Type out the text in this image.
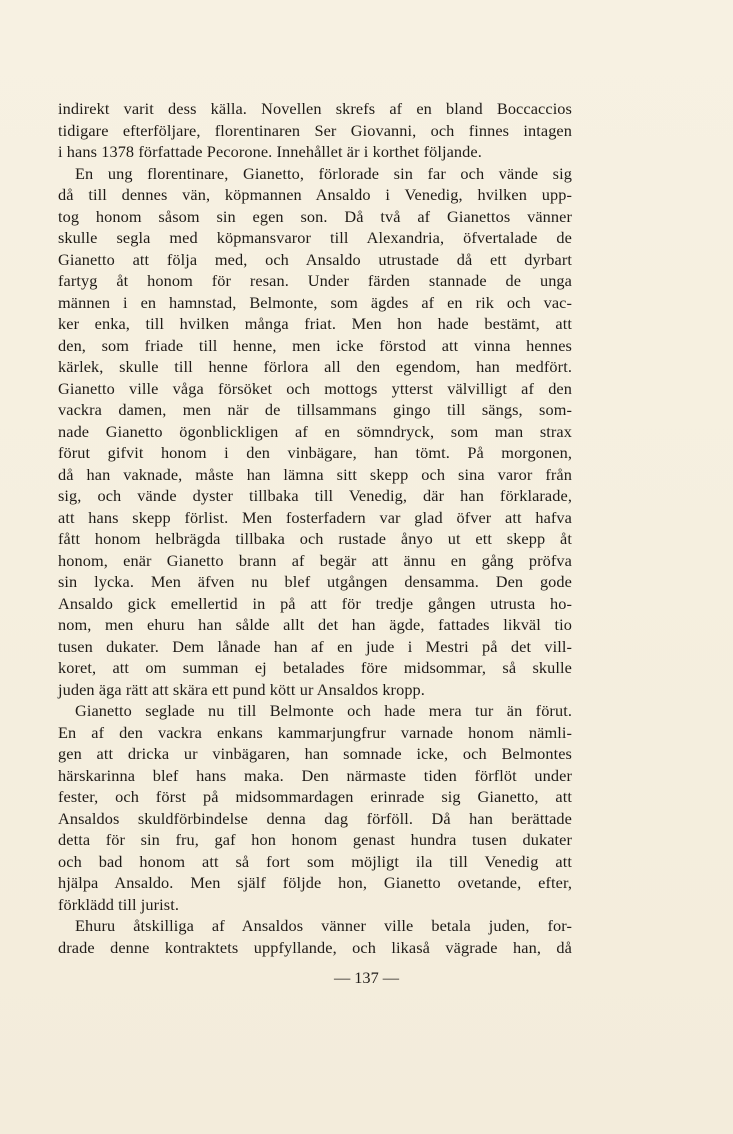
indirekt varit dess källa. Novellen skrefs af en bland Boccaccios
tidigare efterföljare, florentinaren Ser Giovanni, och finnes intagen
i hans 1378 författade Pecorone. Innehållet är i korthet följande.
En ung florentinare, Gianetto, förlorade sin far och vände sig
då till dennes vän, köpmannen Ansaldo i Venedig, hvilken upp-
tog honom såsom sin egen son. Då två af Gianettos vänner
skulle segla med köpmansvaror till Alexandria, öfvertalade de
Gianetto att följa med, och Ansaldo utrustade då ett dyrbart
fartyg åt honom för resan. Under färden stannade de unga
männen i en hamnstad, Belmonte, som ägdes af en rik och vac-
ker enka, till hvilken många friat. Men hon hade bestämt, att
den, som friade till henne, men icke förstod att vinna hennes
kärlek, skulle till henne förlora all den egendom, han medfört.
Gianetto ville våga försöket och mottogs ytterst välvilligt af den
vackra damen, men när de tillsammans gingo till sängs, som-
nade Gianetto ögonblickligen af en sömndryck, som man strax
förut gifvit honom i den vinbägare, han tömt. På morgonen,
då han vaknade, måste han lämna sitt skepp och sina varor från
sig, och vände dyster tillbaka till Venedig, där han förklarade,
att hans skepp förlist. Men fosterfadern var glad öfver att hafva
fått honom helbrägda tillbaka och rustade ånyo ut ett skepp åt
honom, enär Gianetto brann af begär att ännu en gång pröfva
sin lycka. Men äfven nu blef utgången densamma. Den gode
Ansaldo gick emellertid in på att för tredje gången utrusta ho-
nom, men ehuru han sålde allt det han ägde, fattades likväl tio
tusen dukater. Dem lånade han af en jude i Mestri på det vill-
koret, att om summan ej betalades före midsommar, så skulle
juden äga rätt att skära ett pund kött ur Ansaldos kropp.
Gianetto seglade nu till Belmonte och hade mera tur än förut.
En af den vackra enkans kammarjungfrur varnade honom nämli-
gen att dricka ur vinbägaren, han somnade icke, och Belmontes
härskarinna blef hans maka. Den närmaste tiden förflöt under
fester, och först på midsommardagen erinrade sig Gianetto, att
Ansaldos skuldförbindelse denna dag förföll. Då han berättade
detta för sin fru, gaf hon honom genast hundra tusen dukater
och bad honom att så fort som möjligt ila till Venedig att
hjälpa Ansaldo. Men själf följde hon, Gianetto ovetande, efter,
förklädd till jurist.
Ehuru åtskilliga af Ansaldos vänner ville betala juden, for-
drade denne kontraktets uppfyllande, och likaså vägrade han, då
— 137 —
